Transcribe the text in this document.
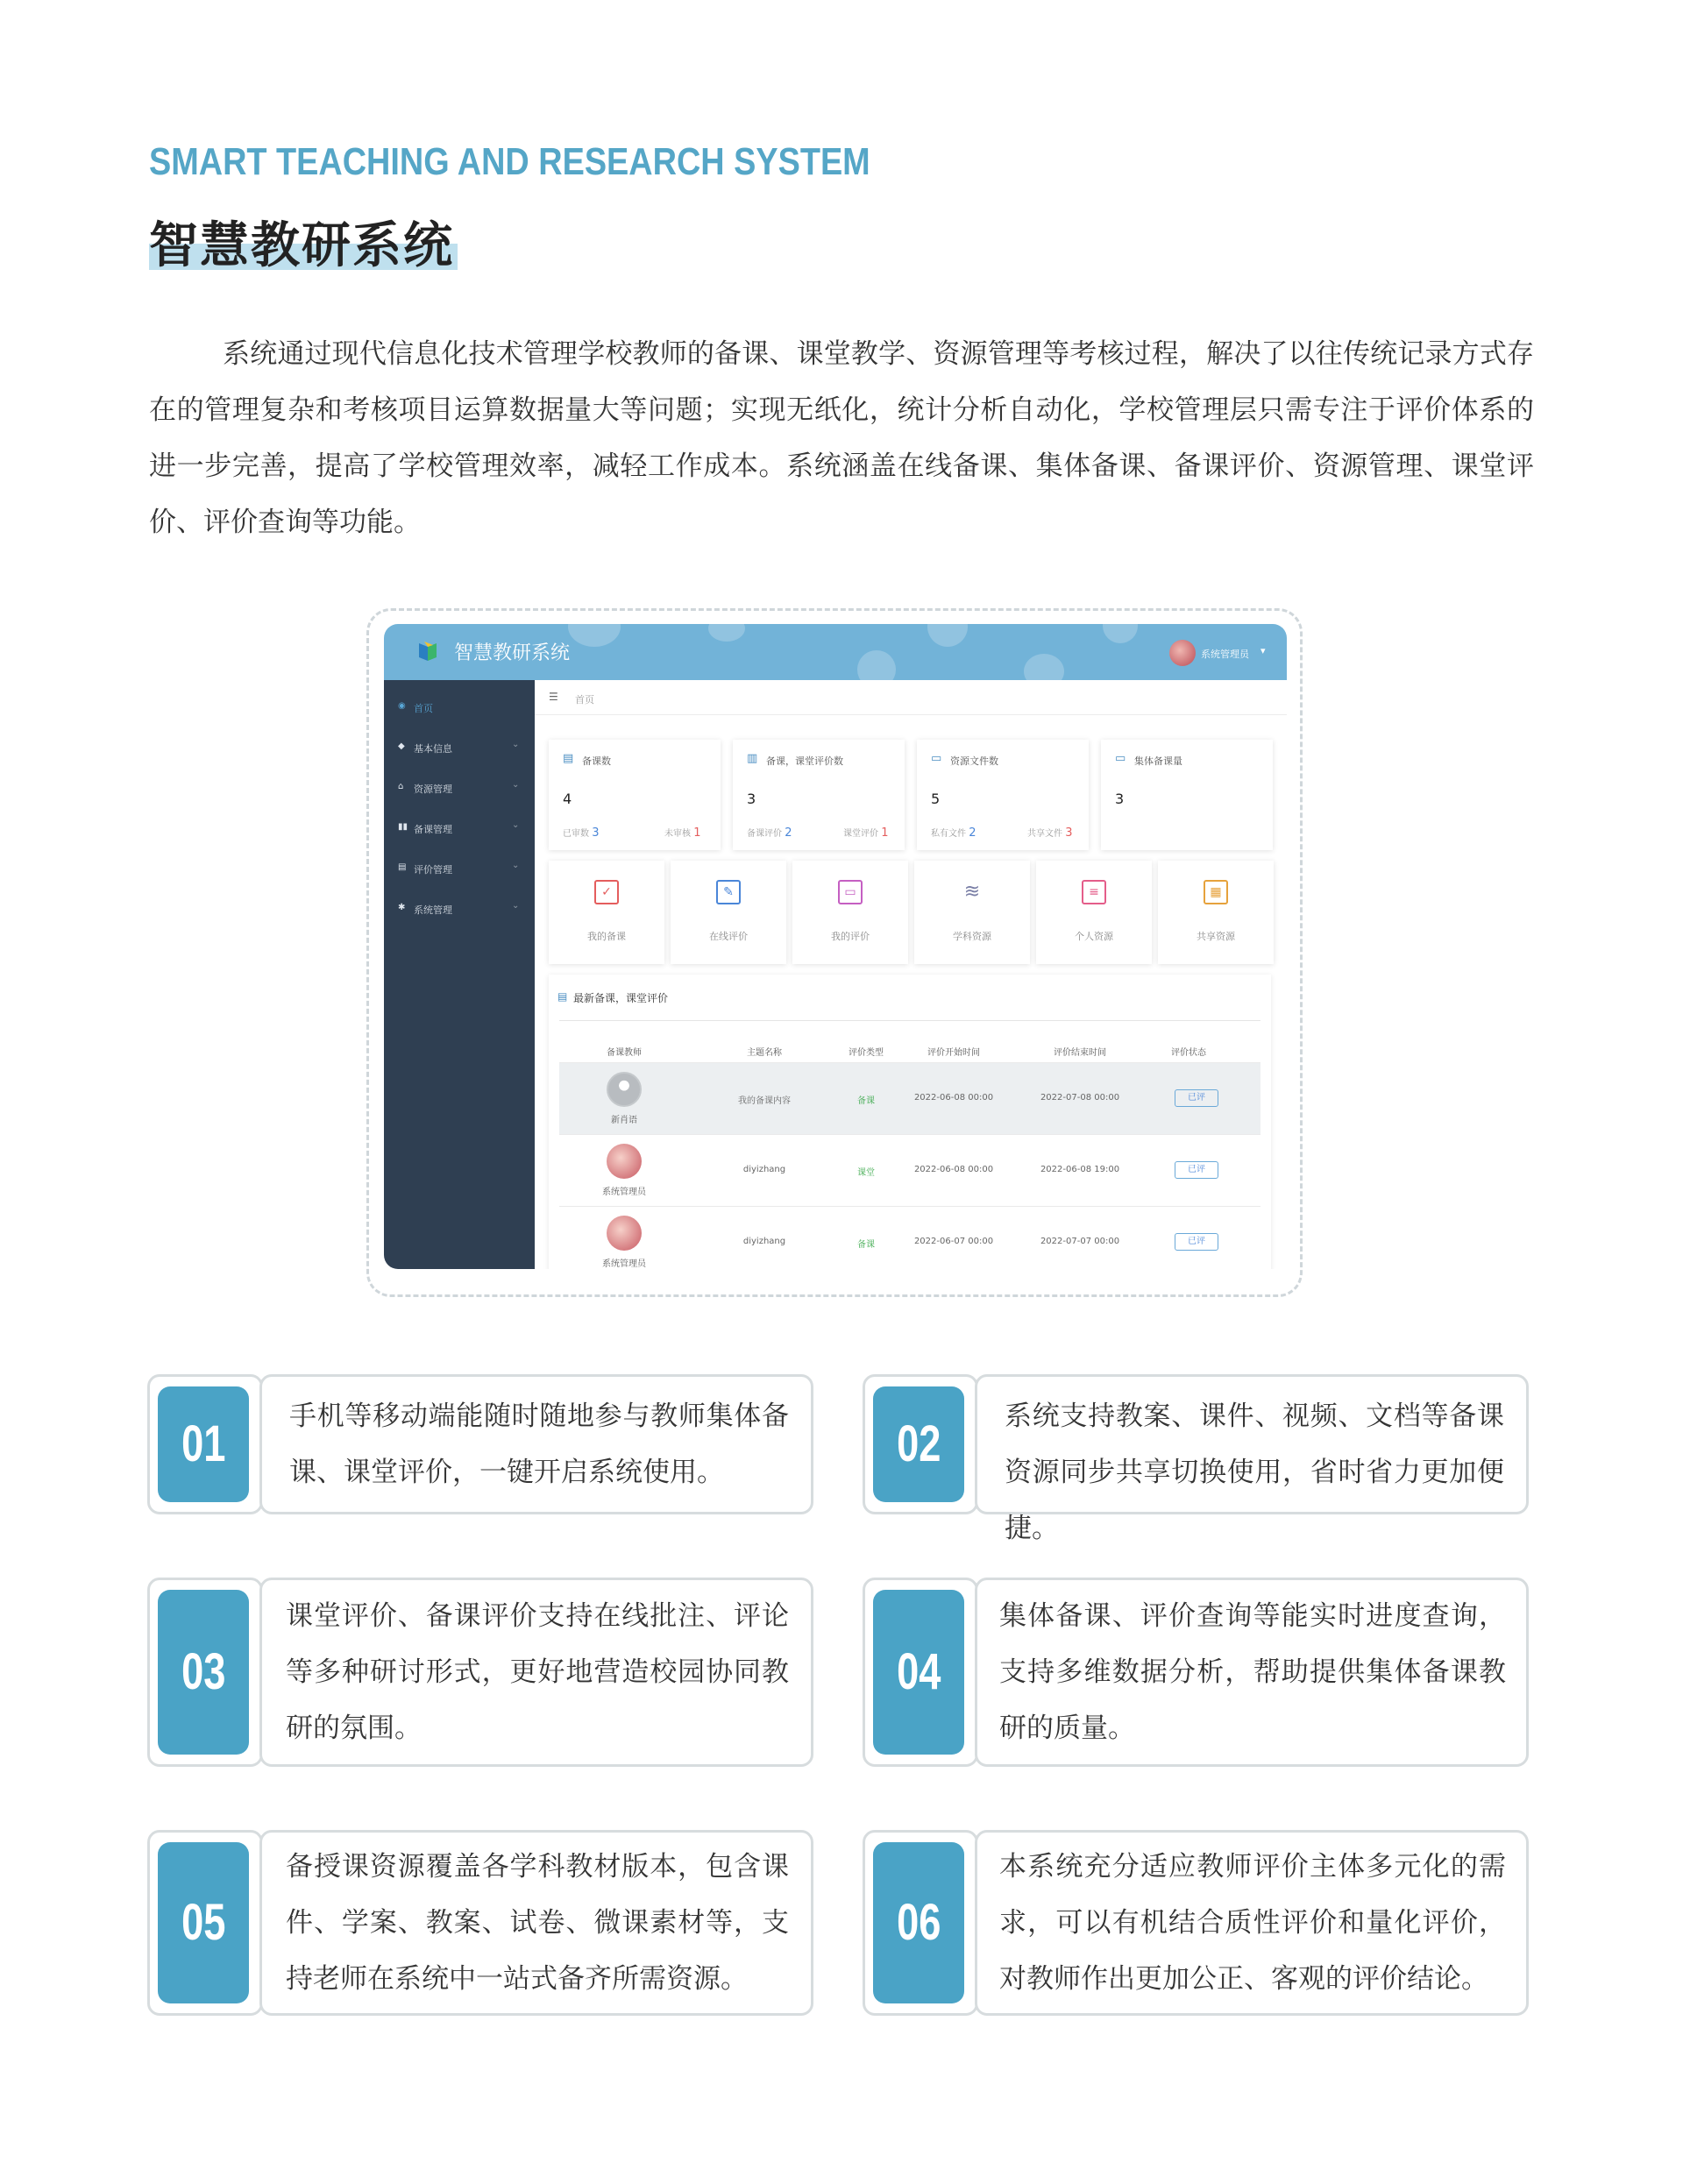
SMART TEACHING AND RESEARCH SYSTEM
智慧教研系统

系统通过现代信息化技术管理学校教师的备课、课堂教学、资源管理等考核过程，解决了以往传统记录方式存在的管理复杂和考核项目运算数据量大等问题；实现无纸化，统计分析自动化，学校管理层只需专注于评价体系的进一步完善，提高了学校管理效率，减轻工作成本。系统涵盖在线备课、集体备课、备课评价、资源管理、课堂评价、评价查询等功能。

智慧教研系统	系统管理员 ▾
◉ 首页
◆ 基本信息	⌄
⌂ 资源管理	⌄
▮▮ 备课管理	⌄
▤ 评价管理	⌄
✱ 系统管理	⌄
☰ 首页
▤ 备课数
4
已审数 3	未审核 1
▥ 备课，课堂评价数
3
备课评价 2	课堂评价 1
▭ 资源文件数
5
私有文件 2	共享文件 3
▭ 集体备课量
3
✓
我的备课
✎
在线评价
▭
我的评价
≋
学科资源
≡
个人资源
▦
共享资源
▤ 最新备课，课堂评价
备课教师	主题名称	评价类型	评价开始时间	评价结束时间	评价状态
新肖语
我的备课内容	备课	2022-06-08 00:00	2022-07-08 00:00	已评
系统管理员
diyizhang	课堂	2022-06-08 00:00	2022-06-08 19:00	已评
系统管理员
diyizhang	备课	2022-06-07 00:00	2022-07-07 00:00	已评
01	手机等移动端能随时随地参与教师集体备课、课堂评价，一键开启系统使用。	02	系统支持教案、课件、视频、文档等备课资源同步共享切换使用，省时省力更加便捷。
03
课堂评价、备课评价支持在线批注、评论等多种研讨形式，更好地营造校园协同教研的氛围。
04
集体备课、评价查询等能实时进度查询，支持多维数据分析，帮助提供集体备课教研的质量。
05
备授课资源覆盖各学科教材版本，包含课件、学案、教案、试卷、微课素材等，支持老师在系统中一站式备齐所需资源。
06
本系统充分适应教师评价主体多元化的需求，可以有机结合质性评价和量化评价，对教师作出更加公正、客观的评价结论。
